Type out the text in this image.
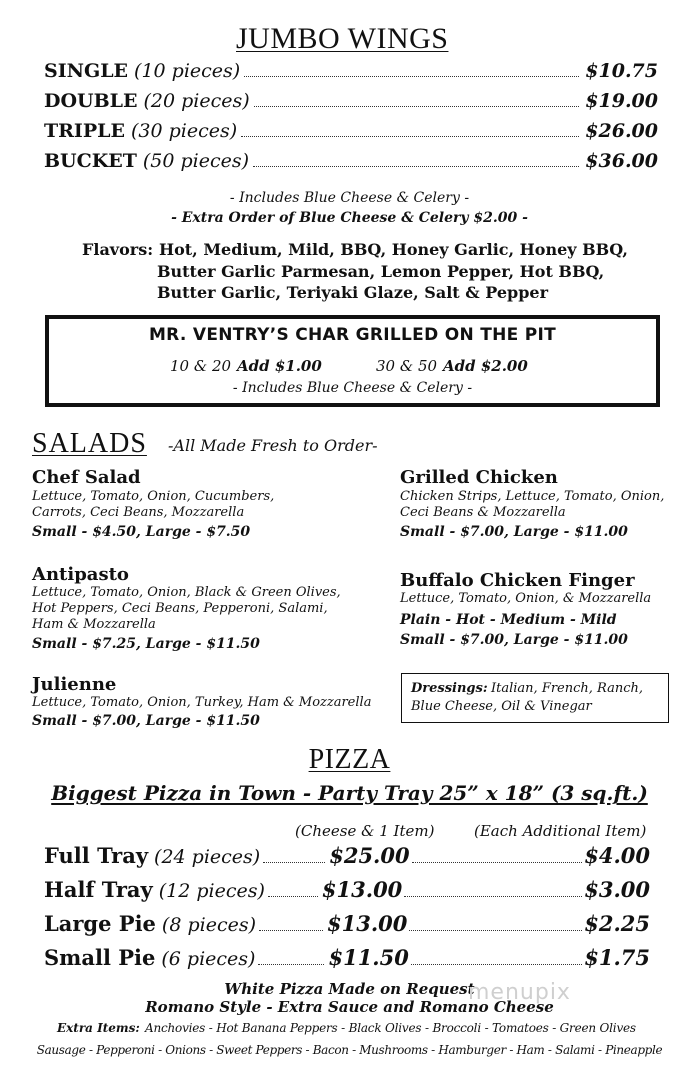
JUMBO WINGS
SINGLE (10 pieces)	$10.75
DOUBLE (20 pieces)	$19.00
TRIPLE (30 pieces)	$26.00
BUCKET (50 pieces)	$36.00
- Includes Blue Cheese & Celery -
- Extra Order of Blue Cheese & Celery $2.00 -
Flavors: Hot, Medium, Mild, BBQ, Honey Garlic, Honey BBQ,
Butter Garlic Parmesan, Lemon Pepper, Hot BBQ,
Butter Garlic, Teriyaki Glaze, Salt & Pepper
MR. VENTRY’S CHAR GRILLED ON THE PIT
10 & 20 Add $1.00	30 & 50 Add $2.00
- Includes Blue Cheese & Celery -
SALADS -All Made Fresh to Order-
Chef Salad
Lettuce, Tomato, Onion, Cucumbers,
Carrots, Ceci Beans, Mozzarella
Small - $4.50, Large - $7.50
Antipasto
Lettuce, Tomato, Onion, Black & Green Olives,
Hot Peppers, Ceci Beans, Pepperoni, Salami,
Ham & Mozzarella
Small - $7.25, Large - $11.50
Julienne
Lettuce, Tomato, Onion, Turkey, Ham & Mozzarella
Small - $7.00, Large - $11.50
Grilled Chicken
Chicken Strips, Lettuce, Tomato, Onion,
Ceci Beans & Mozzarella
Small - $7.00, Large - $11.00
Buffalo Chicken Finger
Lettuce, Tomato, Onion, & Mozzarella
Plain - Hot - Medium - Mild
Small - $7.00, Large - $11.00
Dressings: Italian, French, Ranch,
Blue Cheese, Oil & Vinegar
PIZZA
Biggest Pizza in Town - Party Tray 25” x 18” (3 sq.ft.)
(Cheese & 1 Item)	(Each Additional Item)
Full Tray (24 pieces)	$25.00	$4.00
Half Tray (12 pieces)	$13.00	$3.00
Large Pie (8 pieces)	$13.00	$2.25
Small Pie (6 pieces)	$11.50	$1.75
White Pizza Made on Request
Romano Style - Extra Sauce and Romano Cheese
menupix
Extra Items: Anchovies - Hot Banana Peppers - Black Olives - Broccoli - Tomatoes - Green Olives
Sausage - Pepperoni - Onions - Sweet Peppers - Bacon - Mushrooms - Hamburger - Ham - Salami - Pineapple
